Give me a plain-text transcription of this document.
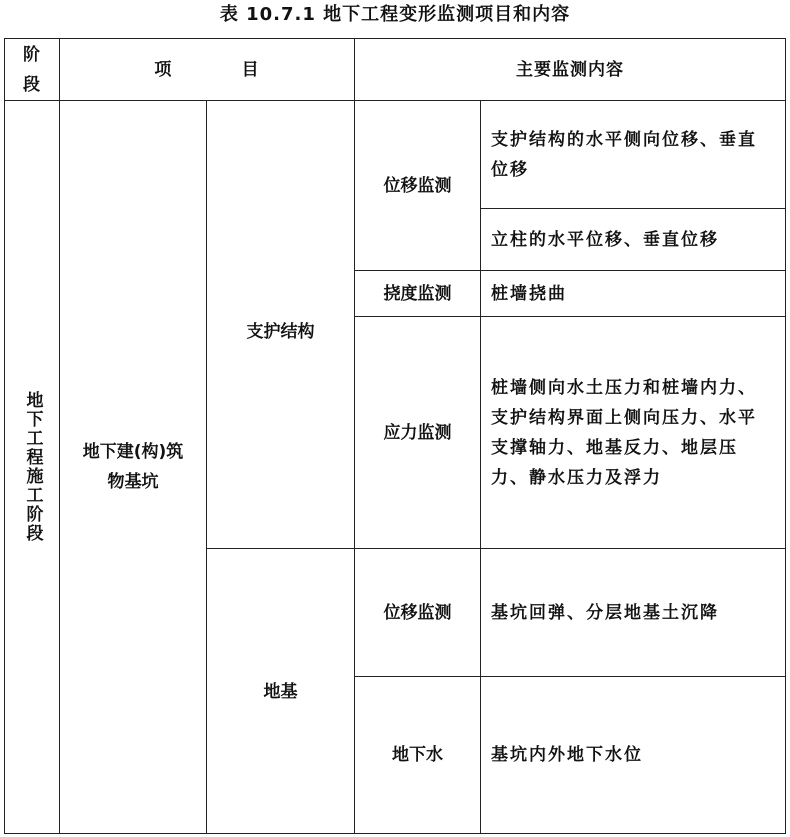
表 10.7.1 地下工程变形监测项目和内容
阶段	项          目		主要监测内容	

地下工程施工阶段	地下建(构)筑物基坑	支护结构	位移监测	支护结构的水平侧向位移、垂直位移
				立柱的水平位移、垂直位移
			挠度监测	桩墙挠曲
			应力监测	桩墙侧向水土压力和桩墙内力、支护结构界面上侧向压力、水平支撑轴力、地基反力、地层压力、静水压力及浮力
		地基	位移监测	基坑回弹、分层地基土沉降
			地下水	基坑内外地下水位
